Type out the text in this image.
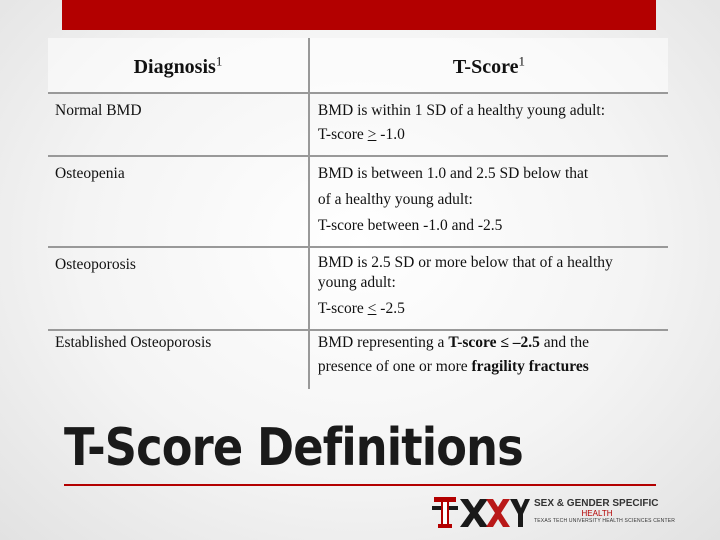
Diagnosis$^1$	T-Score$^1$
Normal BMD	BMD is within 1 SD of a healthy young adult:
T-score > -1.0

Osteopenia	BMD is between 1.0 and 2.5 SD below that
of a healthy young adult:
T-score between -1.0 and -2.5

Osteoporosis	BMD is 2.5 SD or more below that of a healthy
young adult:
T-score < -2.5

Established Osteoporosis	BMD representing a T-score ≤ –2.5 and the
presence of one or more fragility fractures
T-Score Definitions
SEX & GENDER SPECIFIC
HEALTH
TEXAS TECH UNIVERSITY HEALTH SCIENCES CENTER
